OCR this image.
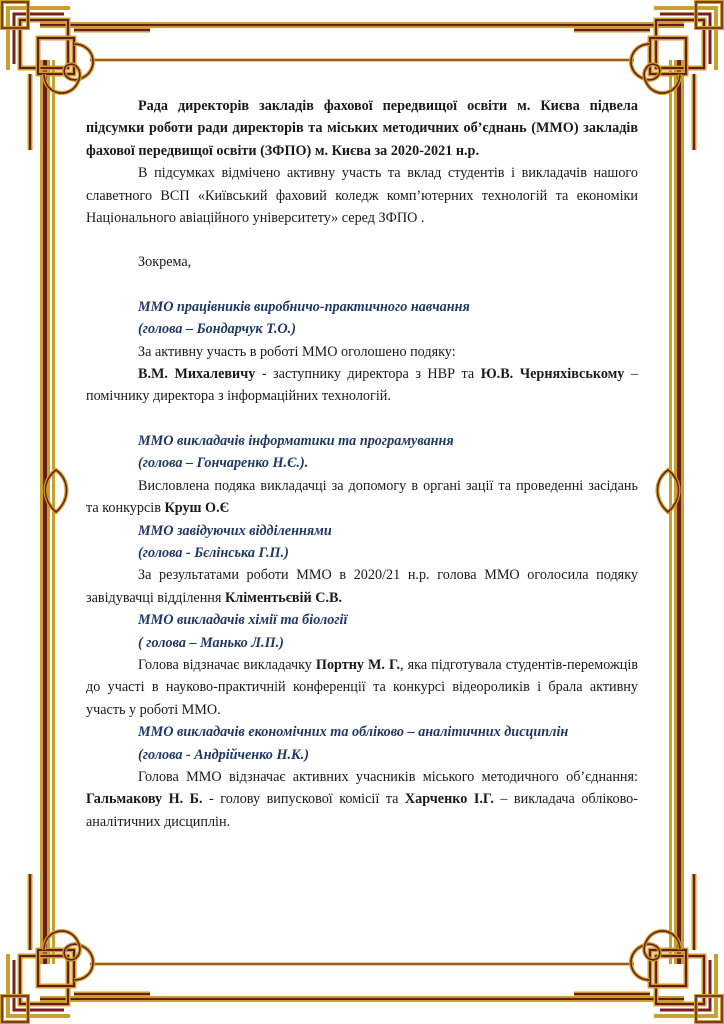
Рада директорів закладів фахової передвищої освіти м. Києва підвела підсумки роботи ради директорів та міських методичних об’єднань (ММО) закладів фахової передвищої освіти (ЗФПО) м. Києва за 2020-2021 н.р.

В підсумках відмічено активну участь та вклад студентів і викладачів нашого славетного ВСП «Київський фаховий коледж комп’ютерних технологій та економіки Національного авіаційного університету» серед ЗФПО .

Зокрема,

ММО працівників виробничо-практичного навчання

(голова – Бондарчук Т.О.)

За активну участь в роботі ММО оголошено подяку:

В.М. Михалевичу - заступнику директора з НВР та Ю.В. Черняхівському – помічнику директора з інформаційних технологій.

ММО викладачів інформатики та програмування

(голова – Гончаренко Н.Є.).

Висловлена подяка викладачці за допомогу в органі зації та проведенні засідань та конкурсів Круш О.Є

ММО завідуючих відділеннями

(голова - Бєлінська Г.П.)

За результатами роботи ММО в 2020/21 н.р. голова ММО оголосила подяку завідувачці відділення Кліментьєвій С.В.

ММО викладачів хімії та біології

( голова – Манько Л.П.)

Голова відзначає викладачку Портну М. Г., яка підготувала студентів-переможців до участі в науково-практичній конференції та конкурсі відеороликів і брала активну участь у роботі ММО.

ММО викладачів економічних та обліково – аналітичних дисциплін

(голова - Андрійченко Н.К.)

Голова ММО відзначає активних учасників міського методичного об’єднання: Гальмакову Н. Б. - голову випускової комісії та Харченко І.Г. – викладача обліково-аналітичних дисциплін.
